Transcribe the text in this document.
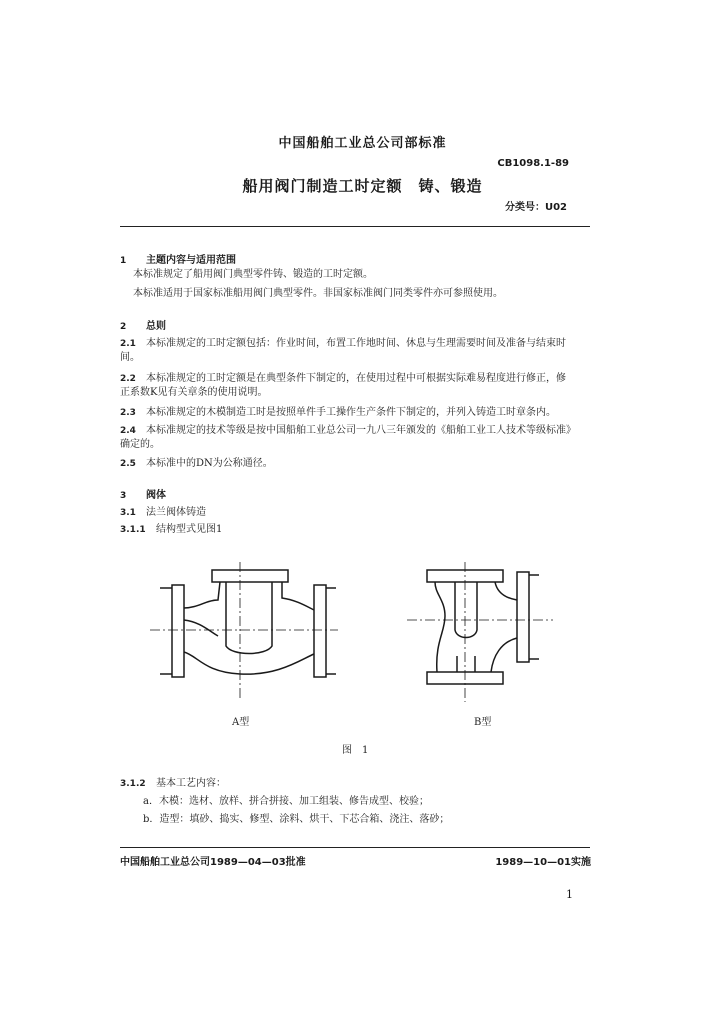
中国船舶工业总公司部标准
CB1098.1-89
船用阀门制造工时定额　铸、锻造
分类号：U02
1 主题内容与适用范围
本标准规定了船用阀门典型零件铸、锻造的工时定额。
本标准适用于国家标准船用阀门典型零件。非国家标准阀门同类零件亦可参照使用。
2 总则
2.1 本标准规定的工时定额包括：作业时间，布置工作地时间、休息与生理需要时间及准备与结束时
间。
2.2 本标准规定的工时定额是在典型条件下制定的，在使用过程中可根据实际难易程度进行修正，修
正系数K见有关章条的使用说明。
2.3 本标准规定的木模制造工时是按照单件手工操作生产条件下制定的，并列入铸造工时章条内。
2.4 本标准规定的技术等级是按中国船舶工业总公司一九八三年颁发的《船舶工业工人技术等级标准》
确定的。
2.5 本标准中的DN为公称通径。
3 阀体
3.1 法兰阀体铸造
3.1.1 结构型式见图1
A型	B型
图　1
3.1.2 基本工艺内容：
a．木模：选材、放样、拼合拼接、加工组装、修告成型、校验；
b．造型：填砂、捣实、修型、涂料、烘干、下芯合箱、浇注、落砂；
中国船舶工业总公司1989—04—03批准	1989—10—01实施
1
